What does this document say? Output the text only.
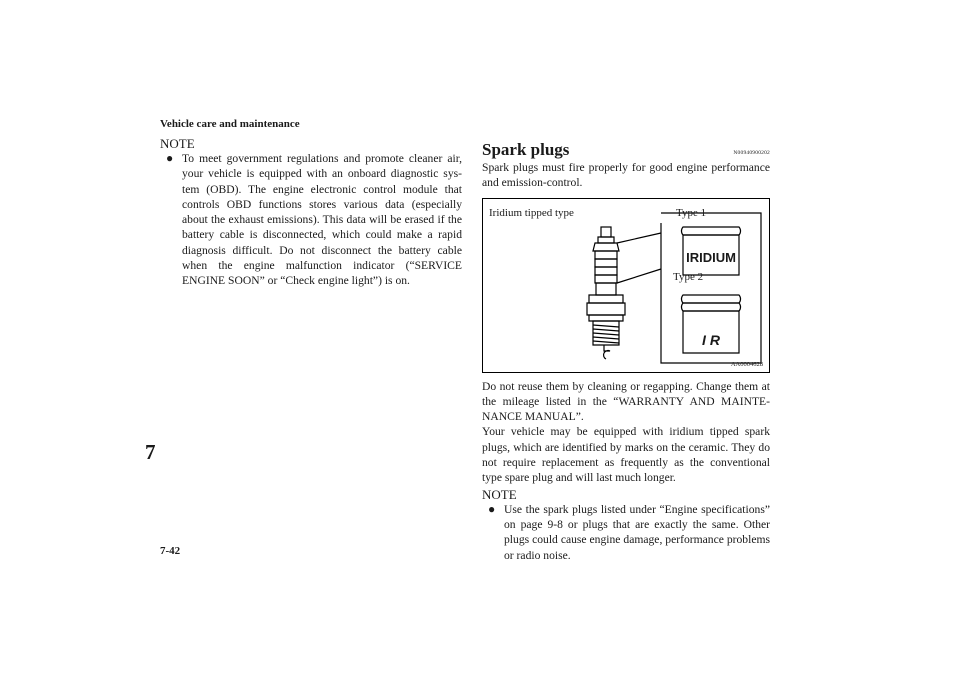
Vehicle care and maintenance
7
7-42
NOTE
● To meet government regulations and promote cleaner air, your vehicle is equipped with an onboard diagnostic sys- tem (OBD). The engine electronic control module that controls OBD functions stores various data (especially about the exhaust emissions). This data will be erased if the battery cable is disconnected, which could make a rapid diagnosis difficult. Do not disconnect the battery cable when the engine malfunction indicator (“SERVICE ENGINE SOON” or “Check engine light”) is on.
Spark plugs	N00940900202
Spark plugs must fire properly for good engine performance and emission-control.
Iridium tipped type	Type 1
Type 2
IRIDIUM
I R
AA0004628
Do not reuse them by cleaning or regapping. Change them at the mileage listed in the “WARRANTY AND MAINTE- NANCE MANUAL”.
Your vehicle may be equipped with iridium tipped spark plugs, which are identified by marks on the ceramic. They do not require replacement as frequently as the conventional type spare plug and will last much longer.
NOTE
● Use the spark plugs listed under “Engine specifications” on page 9-8 or plugs that are exactly the same. Other plugs could cause engine damage, performance problems or radio noise.
